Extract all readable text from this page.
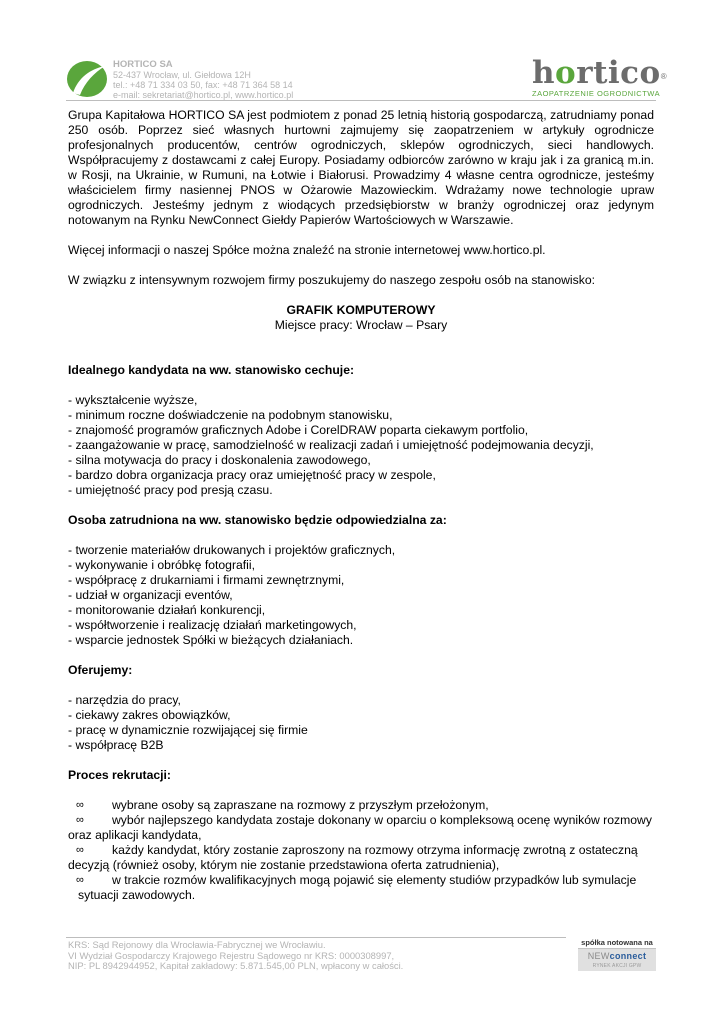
HORTICO SA
52-437 Wrocław, ul. Giełdowa 12H
tel.: +48 71 334 03 50, fax: +48 71 364 58 14
e-mail: sekretariat@hortico.pl, www.hortico.pl
hortico®
ZAOPATRZENIE OGRODNICTWA

Grupa Kapitałowa HORTICO SA jest podmiotem z ponad 25 letnią historią gospodarczą, zatrudniamy ponad 250 osób. Poprzez sieć własnych hurtowni zajmujemy się zaopatrzeniem w artykuły ogrodnicze profesjonalnych producentów, centrów ogrodniczych, sklepów ogrodniczych, sieci handlowych. Współpracujemy z dostawcami z całej Europy. Posiadamy odbiorców zarówno w kraju jak i za granicą m.in. w Rosji, na Ukrainie, w Rumuni, na Łotwie i Białorusi. Prowadzimy 4 własne centra ogrodnicze, jesteśmy właścicielem firmy nasiennej PNOS w Ożarowie Mazowieckim. Wdrażamy nowe technologie upraw ogrodniczych. Jesteśmy jednym z wiodących przedsiębiorstw w branży ogrodniczej oraz jedynym notowanym na Rynku NewConnect Giełdy Papierów Wartościowych w Warszawie.

Więcej informacji o naszej Spółce można znaleźć na stronie internetowej www.hortico.pl.

W związku z intensywnym rozwojem firmy poszukujemy do naszego zespołu osób na stanowisko:

GRAFIK KOMPUTEROWY

Miejsce pracy: Wrocław – Psary

Idealnego kandydata na ww. stanowisko cechuje:

- wykształcenie wyższe,
- minimum roczne doświadczenie na podobnym stanowisku,
- znajomość programów graficznych Adobe i CorelDRAW poparta ciekawym portfolio,
- zaangażowanie w pracę, samodzielność w realizacji zadań i umiejętność podejmowania decyzji,
- silna motywacja do pracy i doskonalenia zawodowego,
- bardzo dobra organizacja pracy oraz umiejętność pracy w zespole,
- umiejętność pracy pod presją czasu.

Osoba zatrudniona na ww. stanowisko będzie odpowiedzialna za:

- tworzenie materiałów drukowanych i projektów graficznych,
- wykonywanie i obróbkę fotografii,
- współpracę z drukarniami i firmami zewnętrznymi,
- udział w organizacji eventów,
- monitorowanie działań konkurencji,
- współtworzenie i realizację działań marketingowych,
- wsparcie jednostek Spółki w bieżących działaniach.

Oferujemy:

- narzędzia do pracy,
- ciekawy zakres obowiązków,
- pracę w dynamicznie rozwijającej się firmie
- współpracę B2B

Proces rekrutacji:

∞	wybrane osoby są zapraszane na rozmowy z przyszłym przełożonym,
∞	wybór najlepszego kandydata zostaje dokonany w oparciu o kompleksową ocenę wyników rozmowy
oraz aplikacji kandydata,
∞	każdy kandydat, który zostanie zaproszony na rozmowy otrzyma informację zwrotną z ostateczną
decyzją (również osoby, którym nie zostanie przedstawiona oferta zatrudnienia),
∞	w trakcie rozmów kwalifikacyjnych mogą pojawić się elementy studiów przypadków lub symulacje
sytuacji zawodowych.
KRS: Sąd Rejonowy dla Wrocławia-Fabrycznej we Wrocławiu.
VI Wydział Gospodarczy Krajowego Rejestru Sądowego nr KRS: 0000308997,
NIP: PL 8942944952, Kapitał zakładowy: 5.871.545,00 PLN, wpłacony w całości.
spółka notowana na
NEWconnect
RYNEK AKCJI GPW
